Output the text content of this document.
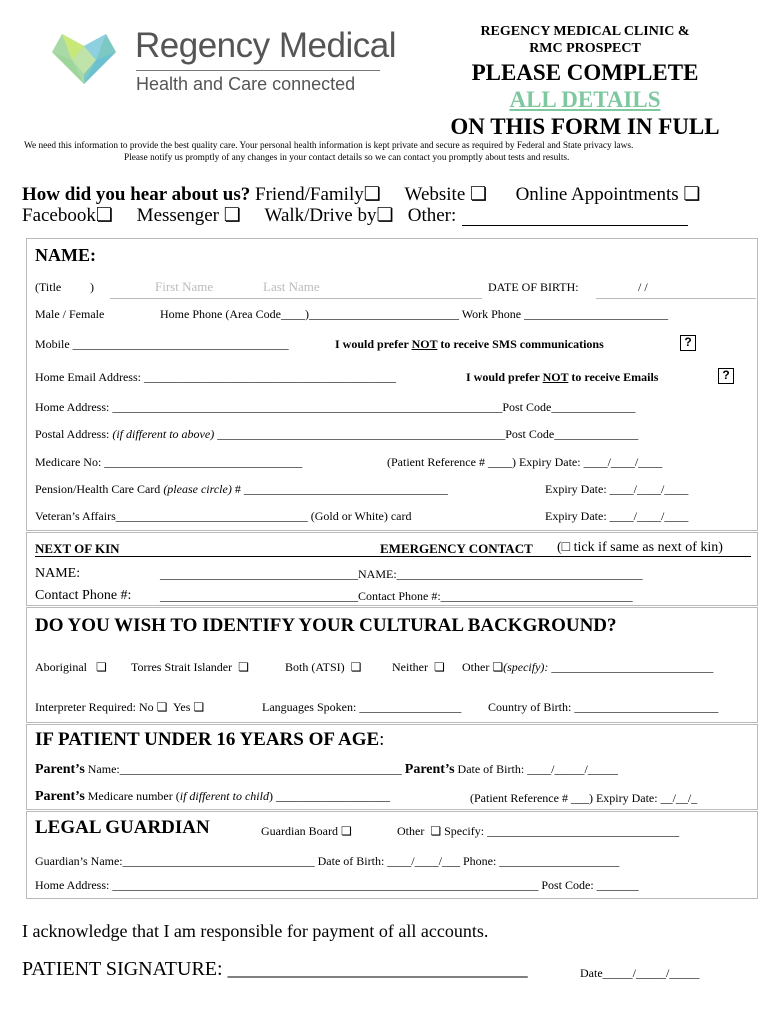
Regency Medical
Health and Care connected
REGENCY MEDICAL CLINIC &
RMC PROSPECT
PLEASE COMPLETE
ALL DETAILS
ON THIS FORM IN FULL
We need this information to provide the best quality care. Your personal health information is kept private and secure as required by Federal and State privacy laws.
Please notify us promptly of any changes in your contact details so we can contact you promptly about tests and results.
How did you hear about us? Friend/Family❏ Website ❏ Online Appointments ❏
Facebook❏ Messenger ❏ Walk/Drive by❏ Other:
NAME:
(Title )	First Name	Last Name	DATE OF BIRTH:	/ /
Male / Female	Home Phone (Area Code____)_________________________ Work Phone ________________________
Mobile ____________________________________	I would prefer NOT to receive SMS communications	?
Home Email Address: __________________________________________	I would prefer NOT to receive Emails	?
Home Address: _________________________________________________________________Post Code______________
Postal Address: (if different to above) ________________________________________________Post Code______________
Medicare No: _________________________________	(Patient Reference # ____) Expiry Date: ____/____/____
Pension/Health Care Card (please circle) # __________________________________	Expiry Date: ____/____/____
Veteran’s Affairs________________________________ (Gold or White) card	Expiry Date: ____/____/____
NEXT OF KIN	EMERGENCY CONTACT (□ tick if same as next of kin)
NAME:	_________________________________NAME:_________________________________________
Contact Phone #: _________________________________Contact Phone #:________________________________
DO YOU WISH TO IDENTIFY YOUR CULTURAL BACKGROUND?
Aboriginal   ❏ Torres Strait Islander  ❏	Both (ATSI)  ❏	Neither  ❏ Other ❏(specify): ___________________________
Interpreter Required: No ❏  Yes ❏	Languages Spoken: _________________ Country of Birth: ________________________
IF PATIENT UNDER 16 YEARS OF AGE:
Parent’s Name:_______________________________________________ Parent’s Date of Birth: ____/_____/_____
Parent’s Medicare number (if different to child) ___________________	(Patient Reference # ___) Expiry Date: __/__/_
LEGAL GUARDIAN	Guardian Board ❏	Other  ❏ Specify: ________________________________
Guardian’s Name:________________________________ Date of Birth: ____/____/___ Phone: ____________________
Home Address: _______________________________________________________________________ Post Code: _______
I acknowledge that I am responsible for payment of all accounts.
PATIENT SIGNATURE: ______________________________	Date_____/_____/_____
